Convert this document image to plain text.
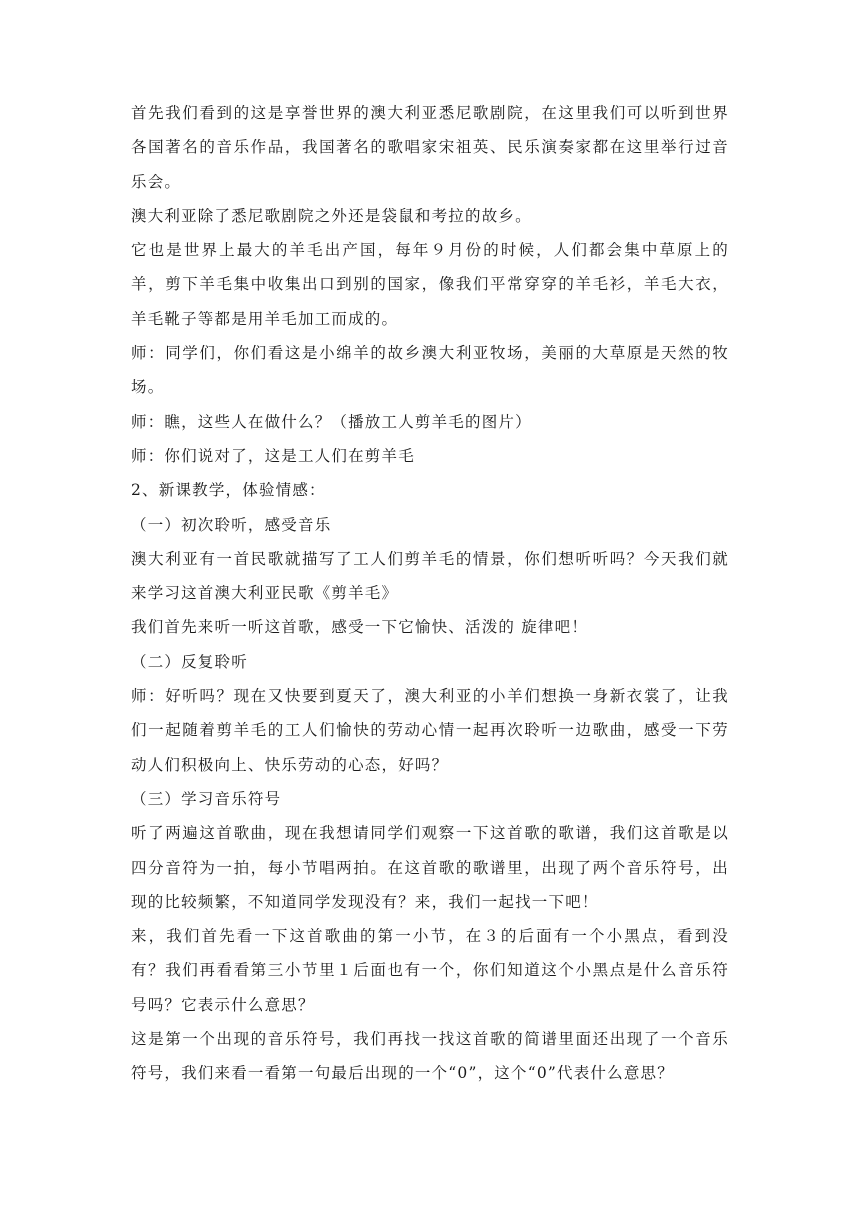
首先我们看到的这是享誉世界的澳大利亚悉尼歌剧院，在这里我们可以听到世界各国著名的音乐作品，我国著名的歌唱家宋祖英、民乐演奏家都在这里举行过音乐会。

澳大利亚除了悉尼歌剧院之外还是袋鼠和考拉的故乡。

它也是世界上最大的羊毛出产国，每年９月份的时候，人们都会集中草原上的羊，剪下羊毛集中收集出口到别的国家，像我们平常穿穿的羊毛衫，羊毛大衣，羊毛靴子等都是用羊毛加工而成的。

师：同学们，你们看这是小绵羊的故乡澳大利亚牧场，美丽的大草原是天然的牧场。

师：瞧，这些人在做什么？（播放工人剪羊毛的图片）

师：你们说对了，这是工人们在剪羊毛

2、新课教学，体验情感：

（一）初次聆听，感受音乐

澳大利亚有一首民歌就描写了工人们剪羊毛的情景，你们想听听吗？今天我们就来学习这首澳大利亚民歌《剪羊毛》

我们首先来听一听这首歌，感受一下它愉快、活泼的 旋律吧！

（二）反复聆听

师：好听吗？现在又快要到夏天了，澳大利亚的小羊们想换一身新衣裳了，让我们一起随着剪羊毛的工人们愉快的劳动心情一起再次聆听一边歌曲，感受一下劳动人们积极向上、快乐劳动的心态，好吗？

（三）学习音乐符号

听了两遍这首歌曲，现在我想请同学们观察一下这首歌的歌谱，我们这首歌是以四分音符为一拍，每小节唱两拍。在这首歌的歌谱里，出现了两个音乐符号，出现的比较频繁，不知道同学发现没有？来，我们一起找一下吧！

来，我们首先看一下这首歌曲的第一小节，在３的后面有一个小黑点，看到没有？我们再看看第三小节里１后面也有一个，你们知道这个小黑点是什么音乐符号吗？它表示什么意思？

这是第一个出现的音乐符号，我们再找一找这首歌的简谱里面还出现了一个音乐符号，我们来看一看第一句最后出现的一个“0”，这个“0”代表什么意思？
